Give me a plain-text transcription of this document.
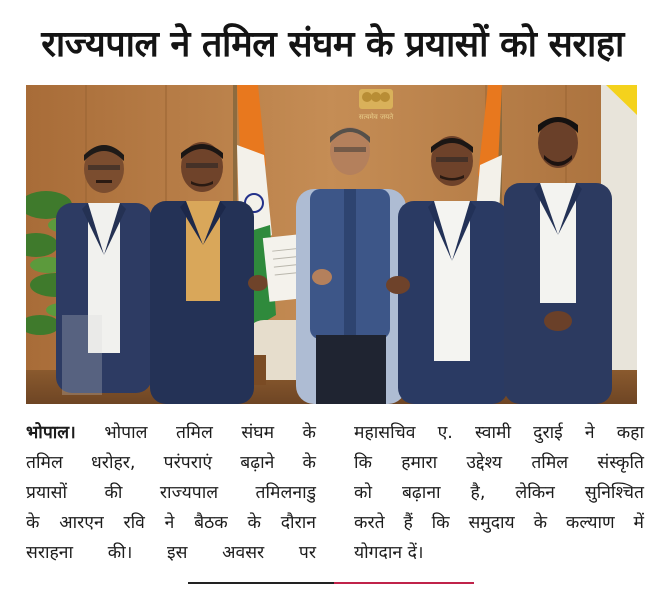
राज्यपाल ने तमिल संघम के प्रयासों को सराहा
सत्यमेव जयते
भोपाल। भोपाल तमिल संघम के
तमिल धरोहर, परंपराएं बढ़ाने के
प्रयासों की राज्यपाल तमिलनाडु
के आरएन रवि ने बैठक के दौरान
सराहना की। इस अवसर पर
महासचिव ए. स्वामी दुराई ने कहा
कि हमारा उद्देश्य तमिल संस्कृति
को बढ़ाना है, लेकिन सुनिश्चित
करते हैं कि समुदाय के कल्याण में
योगदान दें।
